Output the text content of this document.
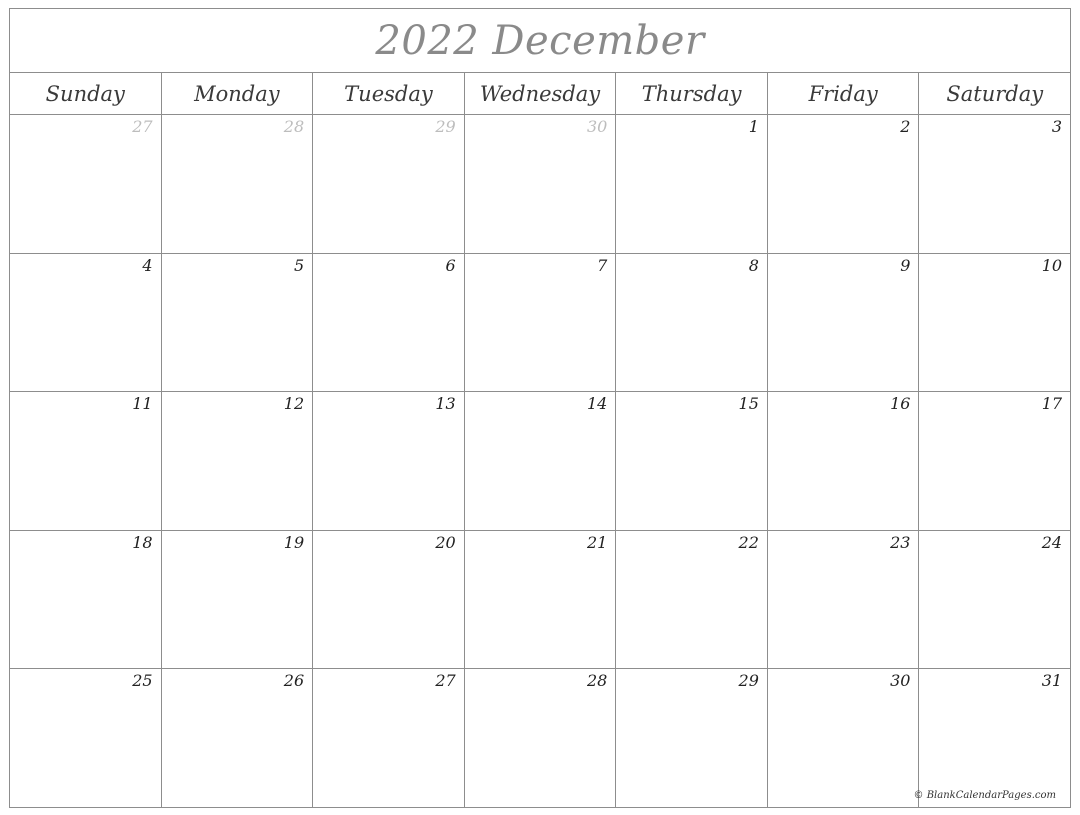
2022 December
Sunday	Monday	Tuesday	Wednesday	Thursday	Friday	Saturday
27	28	29	30	1	2	3
4	5	6	7	8	9	10
11	12	13	14	15	16	17
18	19	20	21	22	23	24
25	26	27	28	29	30	31
© BlankCalendarPages.com
